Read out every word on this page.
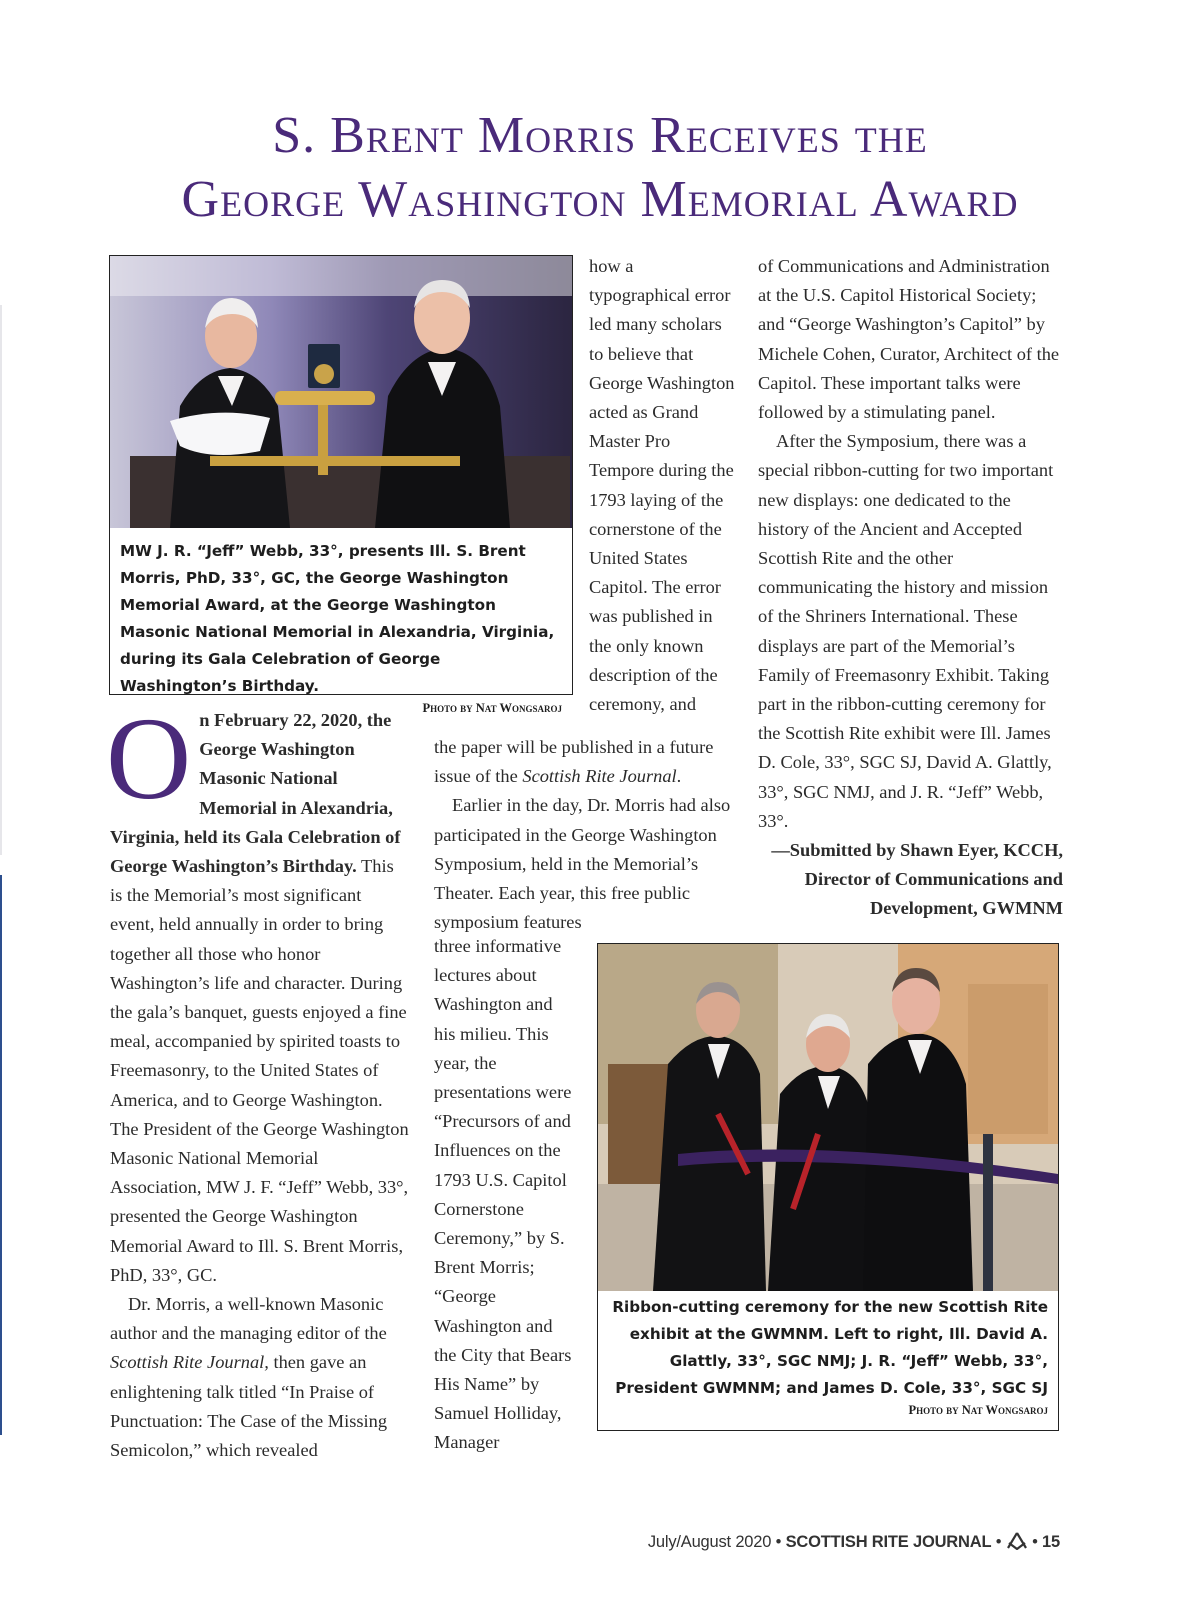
S. Brent Morris Receives the
George Washington Memorial Award
MW J. R. “Jeff” Webb, 33°, presents Ill. S. Brent Morris, PhD, 33°, GC, the George Washington Memorial Award, at the George Washington Masonic National Memorial in Alexandria, Virginia, during its Gala Celebration of George Washington’s Birthday.
Photo by Nat Wongsaroj

O n February 22, 2020, the George Washington Masonic National Memorial in Alexandria, Virginia, held its Gala Celebration of George Washington’s Birthday. This is the Memorial’s most significant event, held annually in order to bring together all those who honor Washington’s life and character. During the gala’s banquet, guests enjoyed a fine meal, accompanied by spirited toasts to Freemasonry, to the United States of America, and to George Washington. The President of the George Washington Masonic National Memorial Association, MW J. F. “Jeff” Webb, 33°, presented the George Washington Memorial Award to Ill. S. Brent Morris, PhD, 33°, GC.

Dr. Morris, a well-known Masonic author and the managing editor of the Scottish Rite Journal, then gave an enlightening talk titled “In Praise of Punctuation: The Case of the Missing Semicolon,” which revealed

how a typographical error led many scholars to believe that George Washington acted as Grand Master Pro Tempore during the 1793 laying of the cornerstone of the United States Capitol. The error was published in the only known description of the ceremony, and

the paper will be published in a future issue of the Scottish Rite Journal.

Earlier in the day, Dr. Morris had also participated in the George Washington Symposium, held in the Memorial’s Theater. Each year, this free public symposium features

three informative lectures about Washington and his milieu. This year, the presentations were “Precursors of and Influences on the 1793 U.S. Capitol Cornerstone Ceremony,” by S. Brent Morris; “George Washington and the City that Bears His Name” by Samuel Holliday, Manager

of Communications and Administration at the U.S. Capitol Historical Society; and “George Washington’s Capitol” by Michele Cohen, Curator, Architect of the Capitol. These important talks were followed by a stimulating panel.

After the Symposium, there was a special ribbon-cutting for two important new displays: one dedicated to the history of the Ancient and Accepted Scottish Rite and the other communicating the history and mission of the Shriners International. These displays are part of the Memorial’s Family of Freemasonry Exhibit. Taking part in the ribbon-cutting ceremony for the Scottish Rite exhibit were Ill. James D. Cole, 33°, SGC SJ, David A. Glattly, 33°, SGC NMJ, and J. R. “Jeff” Webb, 33°.

—Submitted by Shawn Eyer, KCCH, Director of Communications and Development, GWMNM

Ribbon-cutting ceremony for the new Scottish Rite exhibit at the GWMNM. Left to right, Ill. David A. Glattly, 33°, SGC NMJ; J. R. “Jeff” Webb, 33°, President GWMNM; and James D. Cole, 33°, SGC SJ
Photo by Nat Wongsaroj
July/August 2020 • SCOTTISH RITE JOURNAL •  • 15
